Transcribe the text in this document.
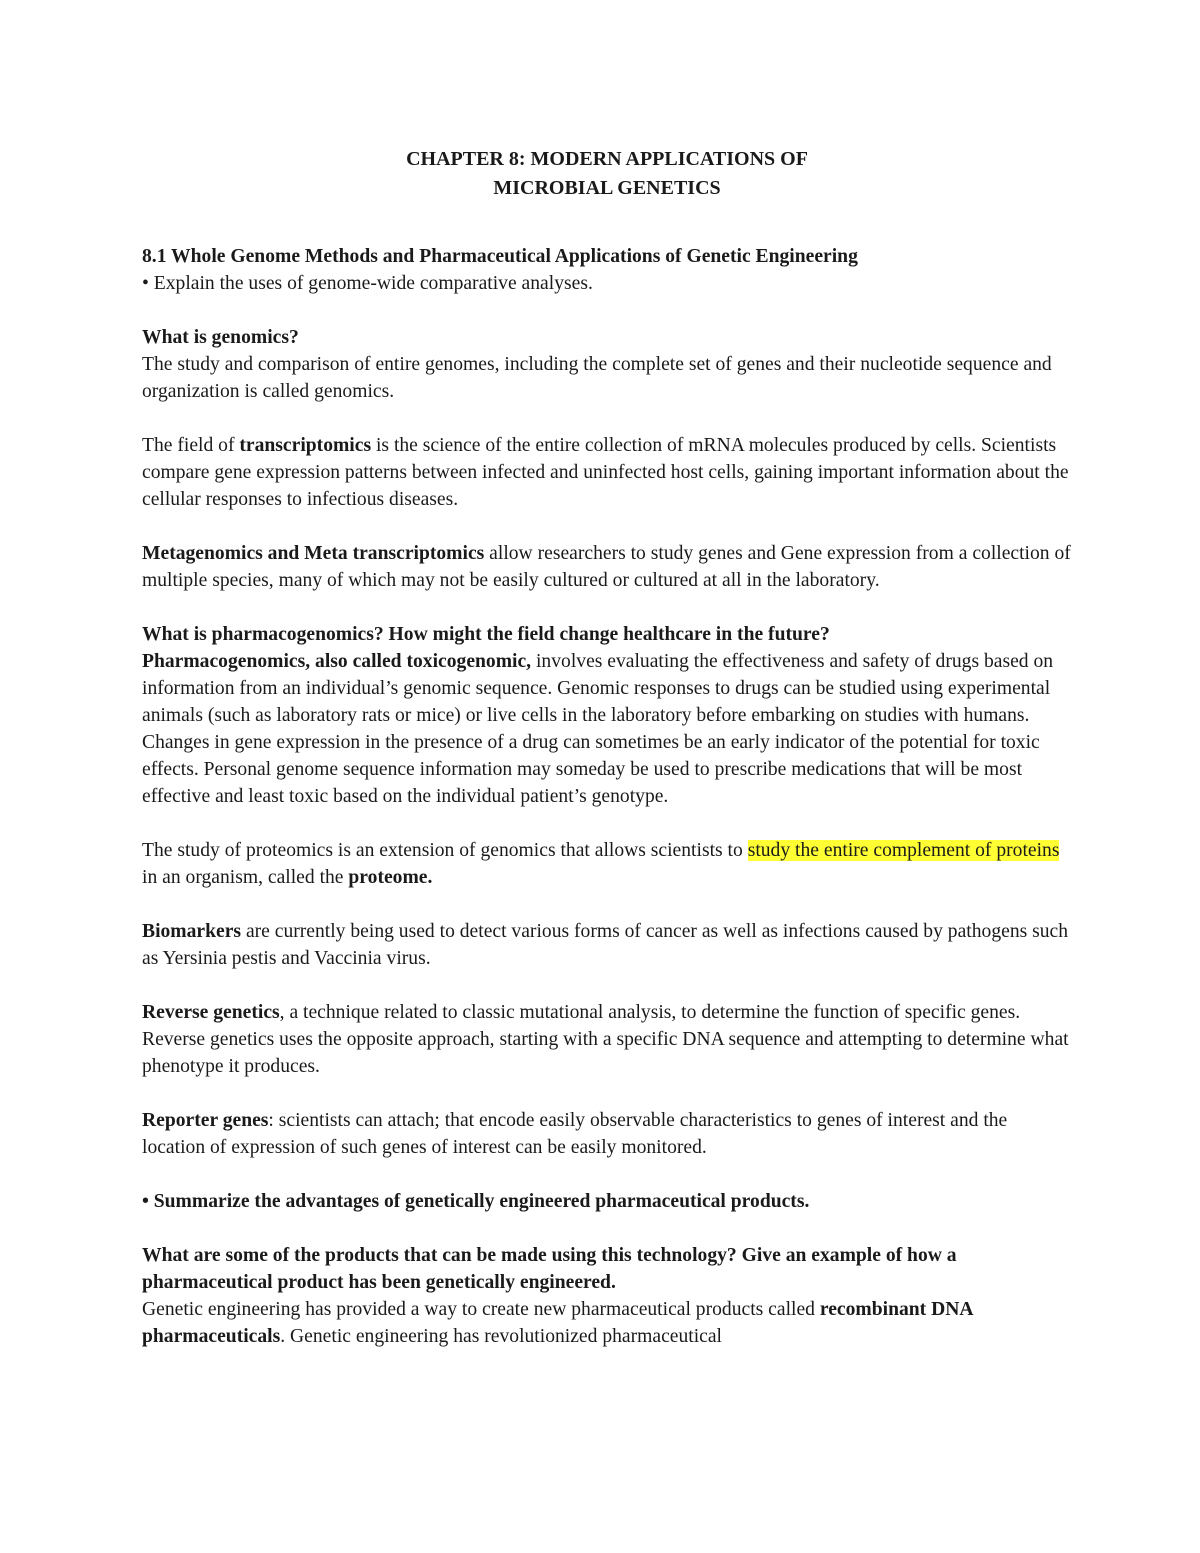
CHAPTER 8: MODERN APPLICATIONS OF
MICROBIAL GENETICS

8.1 Whole Genome Methods and Pharmaceutical Applications of Genetic Engineering
• Explain the uses of genome-wide comparative analyses.

What is genomics?
The study and comparison of entire genomes, including the complete set of genes and their nucleotide sequence and organization is called genomics.

The field of transcriptomics is the science of the entire collection of mRNA molecules produced by cells. Scientists compare gene expression patterns between infected and uninfected host cells, gaining important information about the cellular responses to infectious diseases.

Metagenomics and Meta transcriptomics allow researchers to study genes and Gene expression from a collection of multiple species, many of which may not be easily cultured or cultured at all in the laboratory.

What is pharmacogenomics? How might the field change healthcare in the future?
Pharmacogenomics, also called toxicogenomic, involves evaluating the effectiveness and safety of drugs based on information from an individual’s genomic sequence. Genomic responses to drugs can be studied using experimental animals (such as laboratory rats or mice) or live cells in the laboratory before embarking on studies with humans. Changes in gene expression in the presence of a drug can sometimes be an early indicator of the potential for toxic effects. Personal genome sequence information may someday be used to prescribe medications that will be most effective and least toxic based on the individual patient’s genotype.

The study of proteomics is an extension of genomics that allows scientists to study the entire complement of proteins in an organism, called the proteome.

Biomarkers are currently being used to detect various forms of cancer as well as infections caused by pathogens such as Yersinia pestis and Vaccinia virus.

Reverse genetics, a technique related to classic mutational analysis, to determine the function of specific genes. Reverse genetics uses the opposite approach, starting with a specific DNA sequence and attempting to determine what phenotype it produces.

Reporter genes: scientists can attach; that encode easily observable characteristics to genes of interest and the location of expression of such genes of interest can be easily monitored.

• Summarize the advantages of genetically engineered pharmaceutical products.

What are some of the products that can be made using this technology? Give an example of how a pharmaceutical product has been genetically engineered.
Genetic engineering has provided a way to create new pharmaceutical products called recombinant DNA pharmaceuticals. Genetic engineering has revolutionized pharmaceutical
